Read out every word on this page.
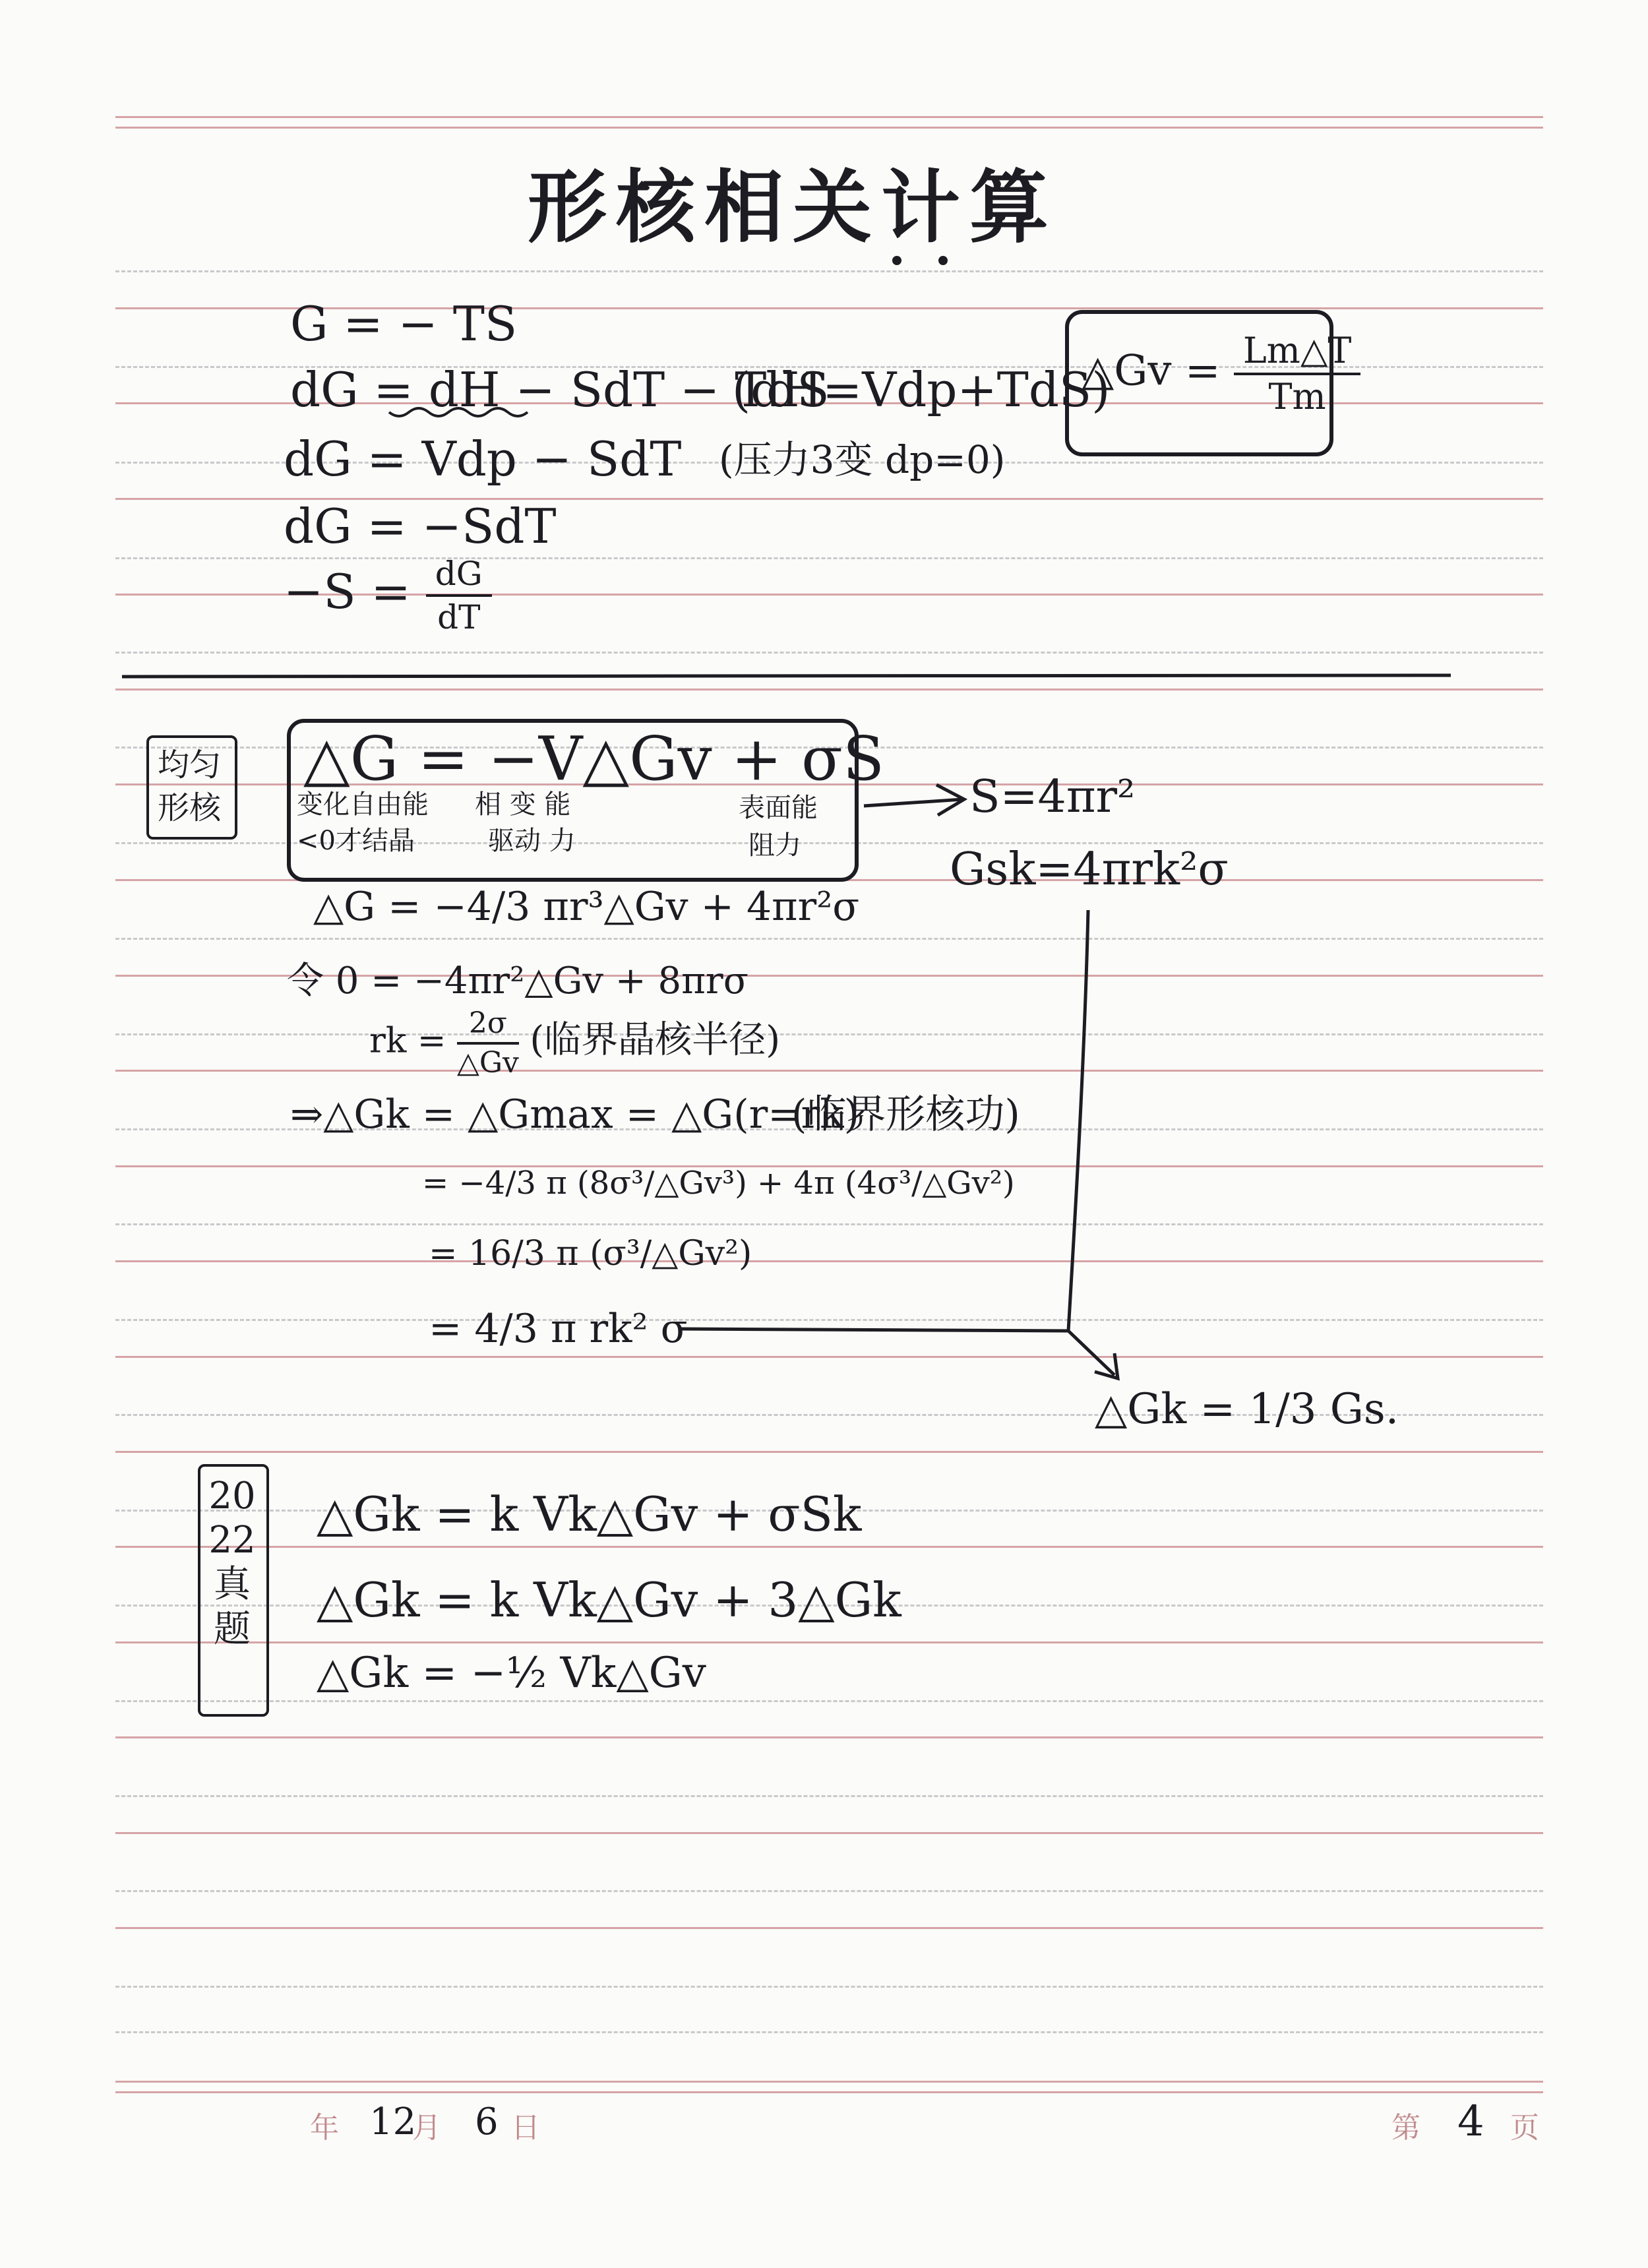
形核相关计算
G = − TS
dG = dH − SdT − TdS
(dH=Vdp+TdS)
dG = Vdp − SdT (压力3变 dp=0)
dG = −SdT
$-S = \frac{dG}{dT}$
△Gv = $\frac{Lm\triangle T}{Tm}$
均匀形核
△G = −V△Gv + σS
变化自由能
<0才结晶
相 变 能
驱动 力
表面能
阻力
S=4πr²
Gsk=4πrk²σ
△G = −4/3 πr³△Gv + 4πr²σ
令 0 = −4πr²△Gv + 8πrσ
rk = $\frac{2\sigma}{\triangle Gv}$ (临界晶核半径)
⇒△Gk = △Gmax = △G(r=rk)
(临界形核功)
= −4/3 π (8σ³/△Gv³) + 4π (4σ³/△Gv²)
= 16/3 π (σ³/△Gv²)
= 4/3 π rk² σ
△Gk = 1/3 Gs.
2022真题
△Gk = k Vk△Gv + σSk
△Gk = k Vk△Gv + 3△Gk
△Gk = −½ Vk△Gv
年 12
月 6 日	第 4 页
